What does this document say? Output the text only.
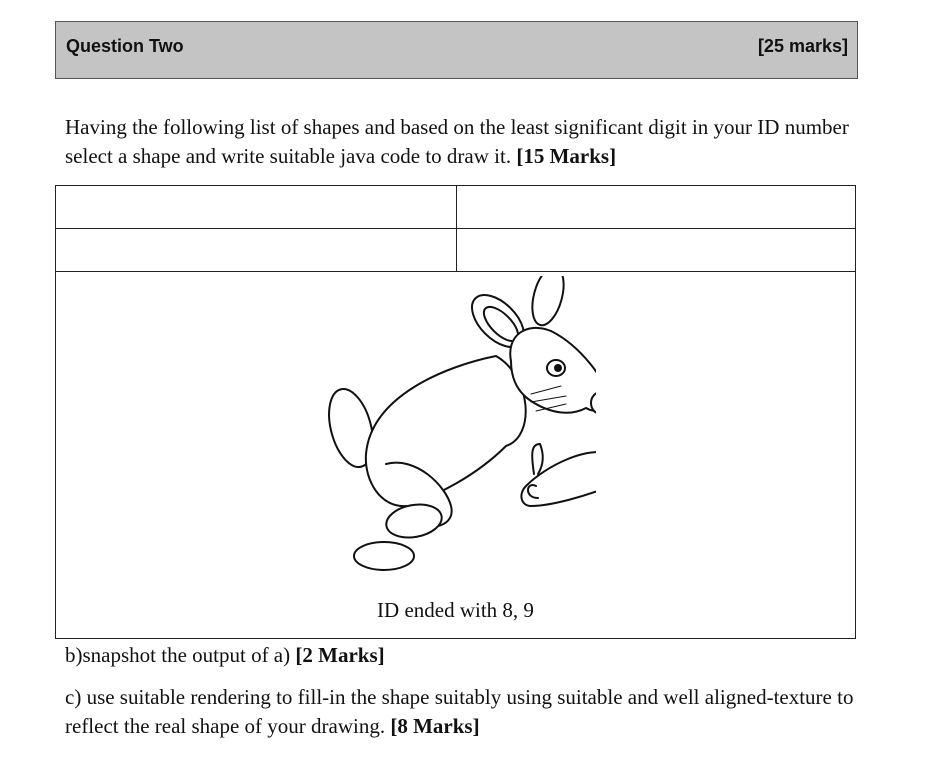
Question Two	[25 marks]
Having the following list of shapes and based on the least significant digit in your ID number select a shape and write suitable java code to draw it. [15 Marks]
ID ended with 8, 9
b)snapshot the output of a) [2 Marks]
c) use suitable rendering to fill-in the shape suitably using suitable and well aligned-texture to reflect the real shape of your drawing. [8 Marks]
